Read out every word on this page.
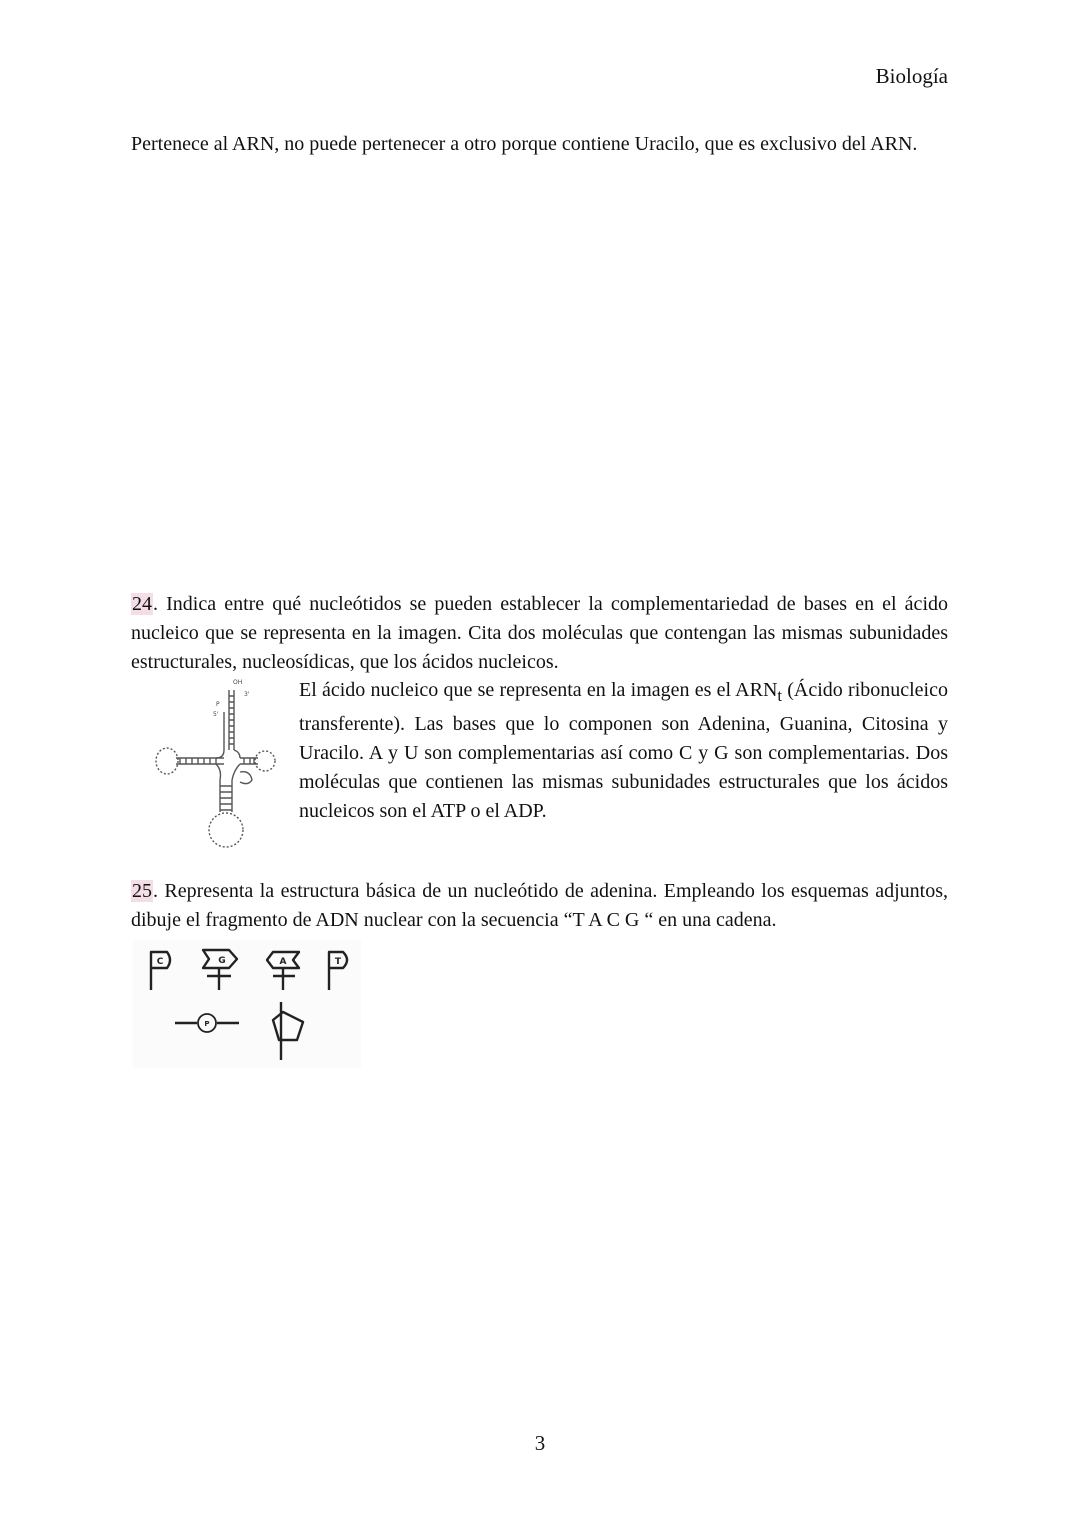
Biología

Pertenece al ARN, no puede pertenecer a otro porque contiene Uracilo, que es exclusivo del ARN.

24. Indica entre qué nucleótidos se pueden establecer la complementariedad de bases en el ácido nucleico que se representa en la imagen. Cita dos moléculas que contengan las mismas subunidades estructurales, nucleosídicas, que los ácidos nucleicos.

OH
3'
5'
P

El ácido nucleico que se representa en la imagen es el $ARN_t$ (Ácido ribonucleico transferente). Las bases que lo componen son Adenina, Guanina, Citosina y Uracilo. A y U son complementarias así como C y G son complementarias. Dos moléculas que contienen las mismas subunidades estructurales que los ácidos nucleicos son el ATP o el ADP.

25. Representa la estructura básica de un nucleótido de adenina. Empleando los esquemas adjuntos, dibuje el fragmento de ADN nuclear con la secuencia “T A C G “ en una cadena.

C	G	A	T
P
3
